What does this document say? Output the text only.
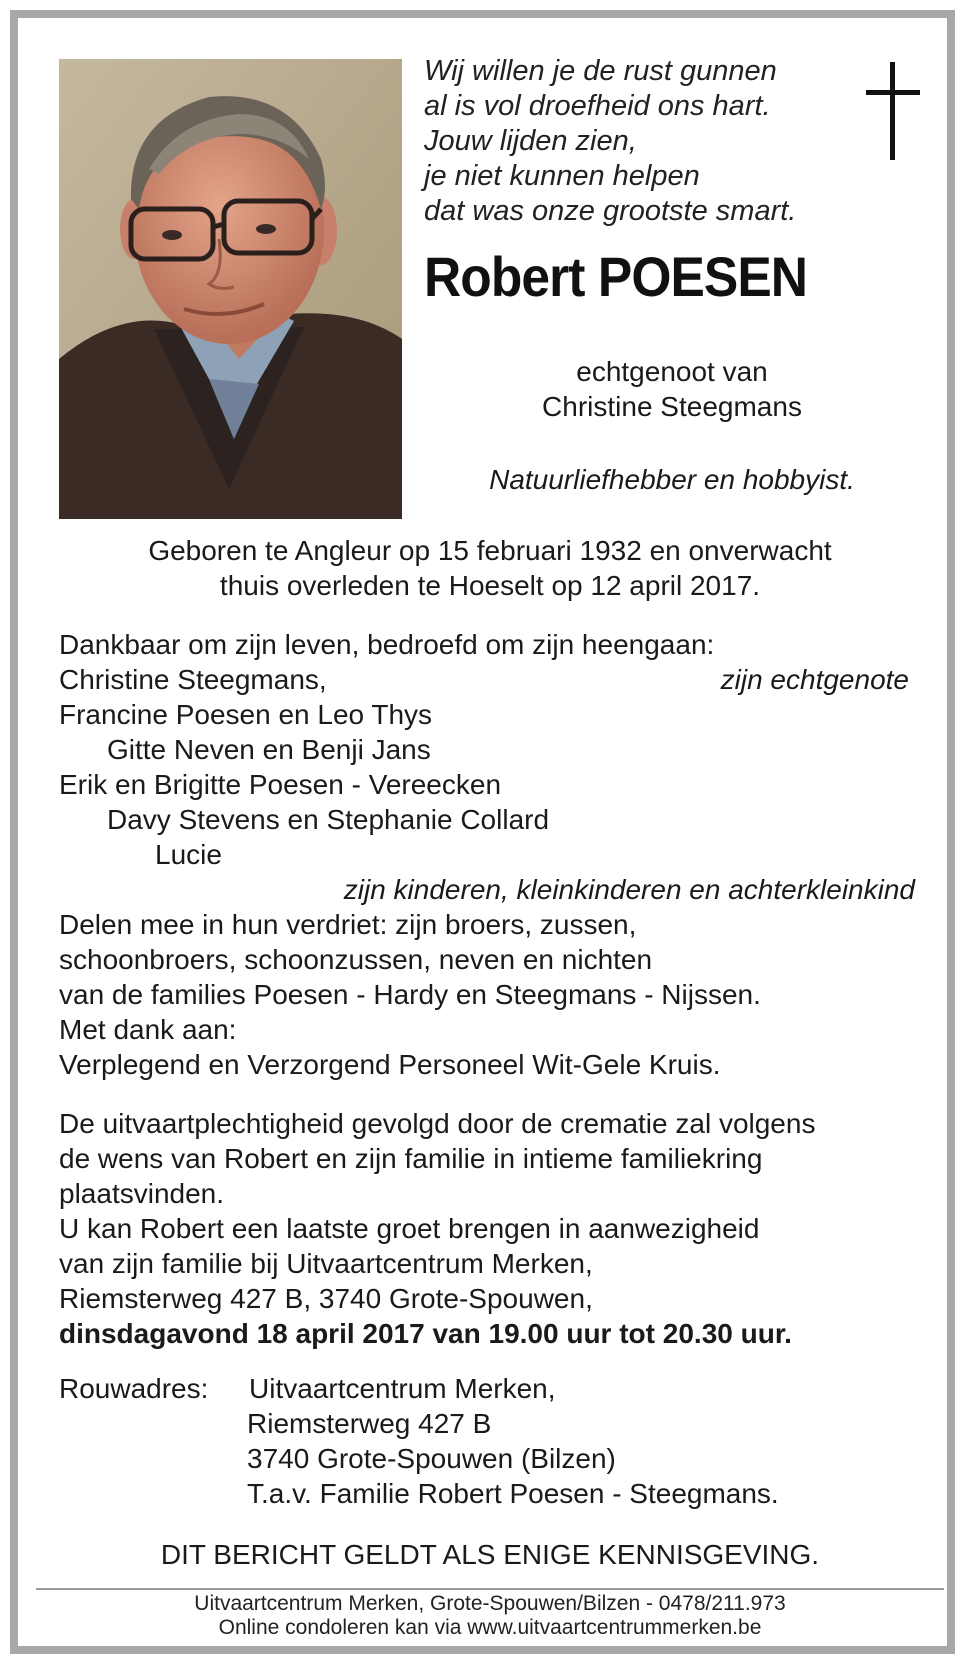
Wij willen je de rust gunnen
al is vol droefheid ons hart.
Jouw lijden zien,
je niet kunnen helpen
dat was onze grootste smart.
Robert POESEN
echtgenoot van
Christine Steegmans
Natuurliefhebber en hobbyist.
Geboren te Angleur op 15 februari 1932 en onverwacht
thuis overleden te Hoeselt op 12 april 2017.
Dankbaar om zijn leven, bedroefd om zijn heengaan:
Christine Steegmans,	zijn echtgenote
Francine Poesen en Leo Thys
Gitte Neven en Benji Jans
Erik en Brigitte Poesen - Vereecken
Davy Stevens en Stephanie Collard
Lucie
zijn kinderen, kleinkinderen en achterkleinkind
Delen mee in hun verdriet: zijn broers, zussen,
schoonbroers, schoonzussen, neven en nichten
van de families Poesen - Hardy en Steegmans - Nijssen.
Met dank aan:
Verplegend en Verzorgend Personeel Wit-Gele Kruis.
De uitvaartplechtigheid gevolgd door de crematie zal volgens
de wens van Robert en zijn familie in intieme familiekring
plaatsvinden.
U kan Robert een laatste groet brengen in aanwezigheid
van zijn familie bij Uitvaartcentrum Merken,
Riemsterweg 427 B, 3740 Grote-Spouwen,
dinsdagavond 18 april 2017 van 19.00 uur tot 20.30 uur.
Rouwadres: Uitvaartcentrum Merken,
Riemsterweg 427 B
3740 Grote-Spouwen (Bilzen)
T.a.v. Familie Robert Poesen - Steegmans.
DIT BERICHT GELDT ALS ENIGE KENNISGEVING.
Uitvaartcentrum Merken, Grote-Spouwen/Bilzen - 0478/211.973
Online condoleren kan via www.uitvaartcentrummerken.be
